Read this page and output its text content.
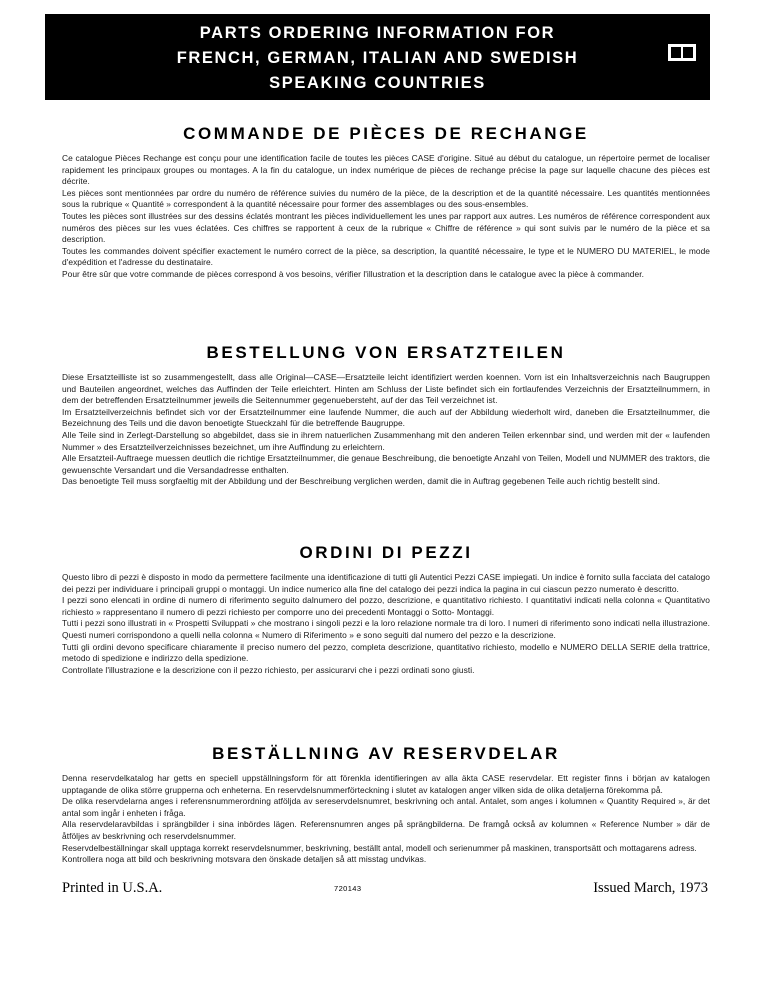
PARTS ORDERING INFORMATION FOR
FRENCH, GERMAN, ITALIAN AND SWEDISH
SPEAKING COUNTRIES
COMMANDE DE PIÈCES DE RECHANGE

Ce catalogue Pièces Rechange est conçu pour une identification facile de toutes les pièces CASE d'origine. Situé au début du catalogue, un répertoire permet de localiser rapidement les principaux groupes ou montages. A la fin du catalogue, un index numérique de pièces de rechange précise la page sur laquelle chacune des pièces est décrite.

Les pièces sont mentionnées par ordre du numéro de référence suivies du numéro de la pièce, de la description et de la quantité nécessaire. Les quantités mentionnées sous la rubrique « Quantité » correspondent à la quantité nécessaire pour former des assemblages ou des sous-ensembles.

Toutes les pièces sont illustrées sur des dessins éclatés montrant les pièces individuellement les unes par rapport aux autres. Les numéros de référence correspondent aux numéros des pièces sur les vues éclatées. Ces chiffres se rapportent à ceux de la rubrique « Chiffre de référence » qui sont suivis par le numéro de la pièce et sa description.

Toutes les commandes doivent spécifier exactement le numéro correct de la pièce, sa description, la quantité nécessaire, le type et le NUMERO DU MATERIEL, le mode d'expédition et l'adresse du destinataire.

Pour être sûr que votre commande de pièces correspond à vos besoins, vérifier l'illustration et la description dans le catalogue avec la pièce à commander.

BESTELLUNG VON ERSATZTEILEN

Diese Ersatzteilliste ist so zusammengestellt, dass alle Original—CASE—Ersatzteile leicht identifiziert werden koennen. Vorn ist ein Inhaltsverzeichnis nach Baugruppen und Bauteilen angeordnet, welches das Auffinden der Teile erleichtert. Hinten am Schluss der Liste befindet sich ein fortlaufendes Verzeichnis der Ersatzteilnummern, in dem der betreffenden Ersatzteilnummer jeweils die Seitennummer gegenuebersteht, auf der das Teil verzeichnet ist.

Im Ersatzteilverzeichnis befindet sich vor der Ersatzteilnummer eine laufende Nummer, die auch auf der Abbildung wiederholt wird, daneben die Ersatzteilnummer, die Bezeichnung des Teils und die davon benoetigte Stueckzahl für die betreffende Baugruppe.

Alle Teile sind in Zerlegt-Darstellung so abgebildet, dass sie in ihrem natuerlichen Zusammenhang mit den anderen Teilen erkennbar sind, und werden mit der « laufenden Nummer » des Ersatzteilverzeichnisses bezeichnet, um ihre Auffindung zu erleichtern.

Alle Ersatzteil-Auftraege muessen deutlich die richtige Ersatzteilnummer, die genaue Beschreibung, die benoetigte Anzahl von Teilen, Modell und NUMMER des traktors, die gewuenschte Versandart und die Versandadresse enthalten.

Das benoetigte Teil muss sorgfaeltig mit der Abbildung und der Beschreibung verglichen werden, damit die in Auftrag gegebenen Teile auch richtig bestellt sind.

ORDINI DI PEZZI

Questo libro di pezzi è disposto in modo da permettere facilmente una identificazione di tutti gli Autentici Pezzi CASE impiegati. Un indice è fornito sulla facciata del catalogo dei pezzi per individuare i principali gruppi o montaggi. Un indice numerico alla fine del catalogo dei pezzi indica la pagina in cui ciascun pezzo numerato è descritto.

I pezzi sono elencati in ordine di numero di riferimento seguito dalnumero del pozzo, descrizione, e quantitativo richiesto. I quantitativi indicati nella colonna « Quantitativo richiesto » rappresentano il numero di pezzi richiesto per comporre uno dei precedenti Montaggi o Sotto- Montaggi.

Tutti i pezzi sono illustrati in « Prospetti Sviluppati » che mostrano i singoli pezzi e la loro relazione normale tra di loro. I numeri di riferimento sono indicati nella illustrazione. Questi numeri corrispondono a quelli nella colonna « Numero di Riferimento » e sono seguiti dal numero del pezzo e la descrizione.

Tutti gli ordini devono specificare chiaramente il preciso numero del pezzo, completa descrizione, quantitativo richiesto, modello e NUMERO DELLA SERIE della trattrice, metodo di spedizione e indirizzo della spedizione.

Controllate l'illustrazione e la descrizione con il pezzo richiesto, per assicurarvi che i pezzi ordinati sono giusti.

BESTÄLLNING AV RESERVDELAR

Denna reservdelkatalog har getts en speciell uppställningsform för att förenkla identifieringen av alla äkta CASE reservdelar. Ett register finns i början av katalogen upptagande de olika större grupperna och enheterna. En reservdelsnummerförteckning i slutet av katalogen anger vilken sida de olika detaljerna förekomma på.

De olika reservdelarna anges i referensnummerordning atföljda av sereservdelsnumret, beskrivning och antal. Antalet, som anges i kolumnen « Quantity Required », är det antal som ingår i enheten i fråga.

Alla reservdelaravbildas i sprängbilder i sina inbördes lägen. Referensnumren anges på sprängbilderna. De framgå också av kolumnen « Reference Number » där de åtföljes av beskrivning och reservdelsnummer.

Reservdelbeställningar skall upptaga korrekt reservdelsnummer, beskrivning, beställt antal, modell och serienummer på maskinen, transportsätt och mottagarens adress.

Kontrollera noga att bild och beskrivning motsvara den önskade detaljen så att misstag undvikas.

Printed in U.S.A.	720143	Issued March, 1973
